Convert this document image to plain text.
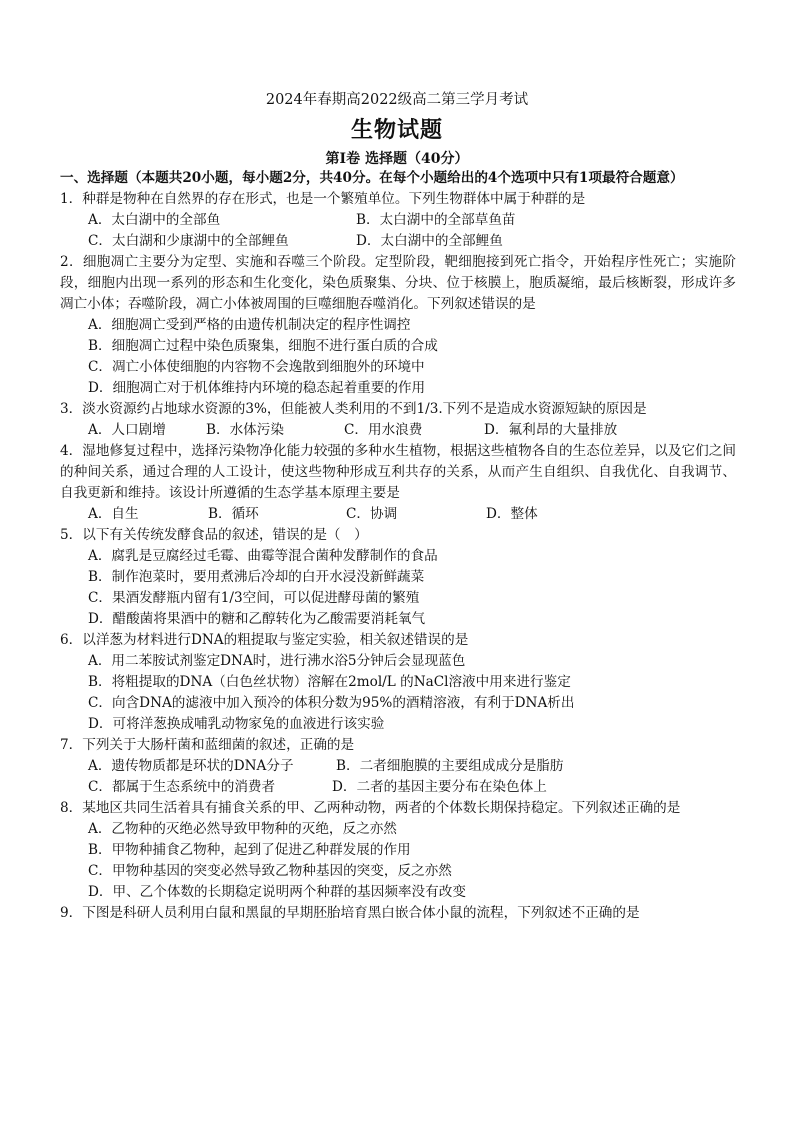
2024年春期高2022级高二第三学月考试
生物试题
第Ⅰ卷 选择题（40分）

一、选择题（本题共20小题，每小题2分，共40分。在每个小题给出的4个选项中只有1项最符合题意）

1．种群是物种在自然界的存在形式，也是一个繁殖单位。下列生物群体中属于种群的是

A．太白湖中的全部鱼	B．太白湖中的全部草鱼苗
C．太白湖和少康湖中的全部鲤鱼	D．太白湖中的全部鲤鱼

2．细胞凋亡主要分为定型、实施和吞噬三个阶段。定型阶段，靶细胞接到死亡指令，开始程序性死亡；实施阶段，细胞内出现一系列的形态和生化变化，染色质聚集、分块、位于核膜上，胞质凝缩，最后核断裂，形成许多凋亡小体；吞噬阶段，凋亡小体被周围的巨噬细胞吞噬消化。下列叙述错误的是

A．细胞凋亡受到严格的由遗传机制决定的程序性调控

B．细胞凋亡过程中染色质聚集，细胞不进行蛋白质的合成

C．凋亡小体使细胞的内容物不会逸散到细胞外的环境中

D．细胞凋亡对于机体维持内环境的稳态起着重要的作用

3．淡水资源约占地球水资源的3%，但能被人类利用的不到1/3.下列不是造成水资源短缺的原因是

A．人口剧增	B．水体污染	C．用水浪费	D．氟利昂的大量排放

4．湿地修复过程中，选择污染物净化能力较强的多种水生植物，根据这些植物各自的生态位差异，以及它们之间的种间关系，通过合理的人工设计，使这些物种形成互利共存的关系，从而产生自组织、自我优化、自我调节、自我更新和维持。该设计所遵循的生态学基本原理主要是

A．自生	B．循环	C．协调	D．整体

5．以下有关传统发酵食品的叙述，错误的是（　）

A．腐乳是豆腐经过毛霉、曲霉等混合菌种发酵制作的食品

B．制作泡菜时，要用煮沸后冷却的白开水浸没新鲜蔬菜

C．果酒发酵瓶内留有1/3空间，可以促进酵母菌的繁殖

D．醋酸菌将果酒中的糖和乙醇转化为乙酸需要消耗氧气

6．以洋葱为材料进行DNA的粗提取与鉴定实验，相关叙述错误的是

A．用二苯胺试剂鉴定DNA时，进行沸水浴5分钟后会显现蓝色

B．将粗提取的DNA（白色丝状物）溶解在2mol/L 的NaCl溶液中用来进行鉴定

C．向含DNA的滤液中加入预冷的体积分数为95%的酒精溶液，有利于DNA析出

D．可将洋葱换成哺乳动物家兔的血液进行该实验

7．下列关于大肠杆菌和蓝细菌的叙述，正确的是

A．遗传物质都是环状的DNA分子	B．二者细胞膜的主要组成成分是脂肪
C．都属于生态系统中的消费者	D．二者的基因主要分布在染色体上

8．某地区共同生活着具有捕食关系的甲、乙两种动物，两者的个体数长期保持稳定。下列叙述正确的是

A．乙物种的灭绝必然导致甲物种的灭绝，反之亦然

B．甲物种捕食乙物种，起到了促进乙种群发展的作用

C．甲物种基因的突变必然导致乙物种基因的突变，反之亦然

D．甲、乙个体数的长期稳定说明两个种群的基因频率没有改变

9．下图是科研人员利用白鼠和黑鼠的早期胚胎培育黑白嵌合体小鼠的流程，下列叙述不正确的是
